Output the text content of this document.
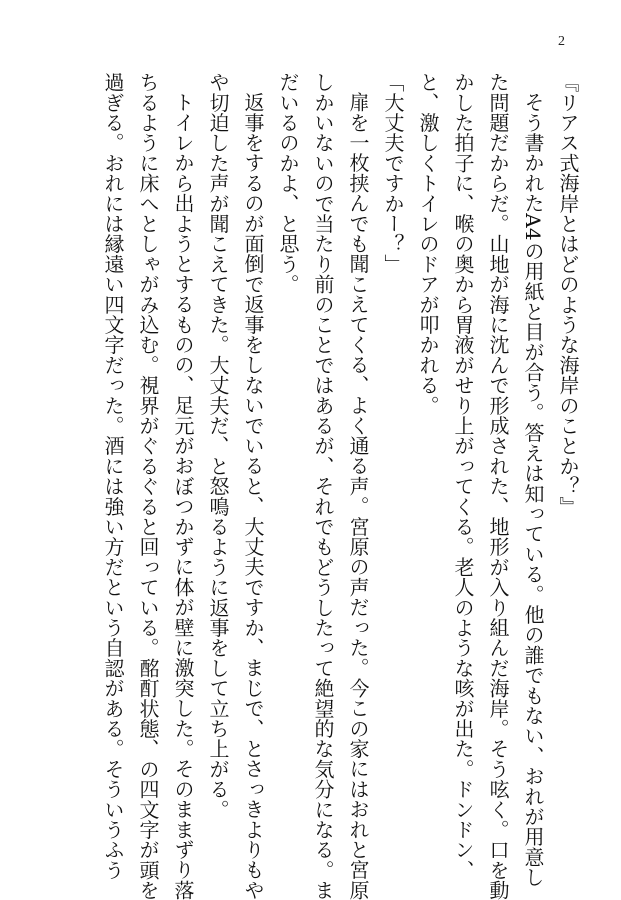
2
『リアス式海岸とはどのような海岸のことか？』
そう書かれたA4の用紙と目が合う。答えは知っている。他の誰でもない、おれが用意し
た問題だからだ。山地が海に沈んで形成された、地形が入り組んだ海岸。そう呟く。口を動
かした拍子に、喉の奥から胃液がせり上がってくる。老人のような咳が出た。ドンドン、
と、激しくトイレのドアが叩かれる。
「大丈夫ですかー？」
扉を一枚挟んでも聞こえてくる、よく通る声。宮原の声だった。今この家にはおれと宮原
しかいないので当たり前のことではあるが、それでもどうしたって絶望的な気分になる。ま
だいるのかよ、と思う。
返事をするのが面倒で返事をしないでいると、大丈夫ですか、まじで、とさっきよりもや
や切迫した声が聞こえてきた。大丈夫だ、と怒鳴るように返事をして立ち上がる。
トイレから出ようとするものの、足元がおぼつかずに体が壁に激突した。そのままずり落
ちるように床へとしゃがみ込む。視界がぐるぐると回っている。酩酊状態、の四文字が頭を
過ぎる。おれには縁遠い四文字だった。酒には強い方だという自認がある。そういうふう
